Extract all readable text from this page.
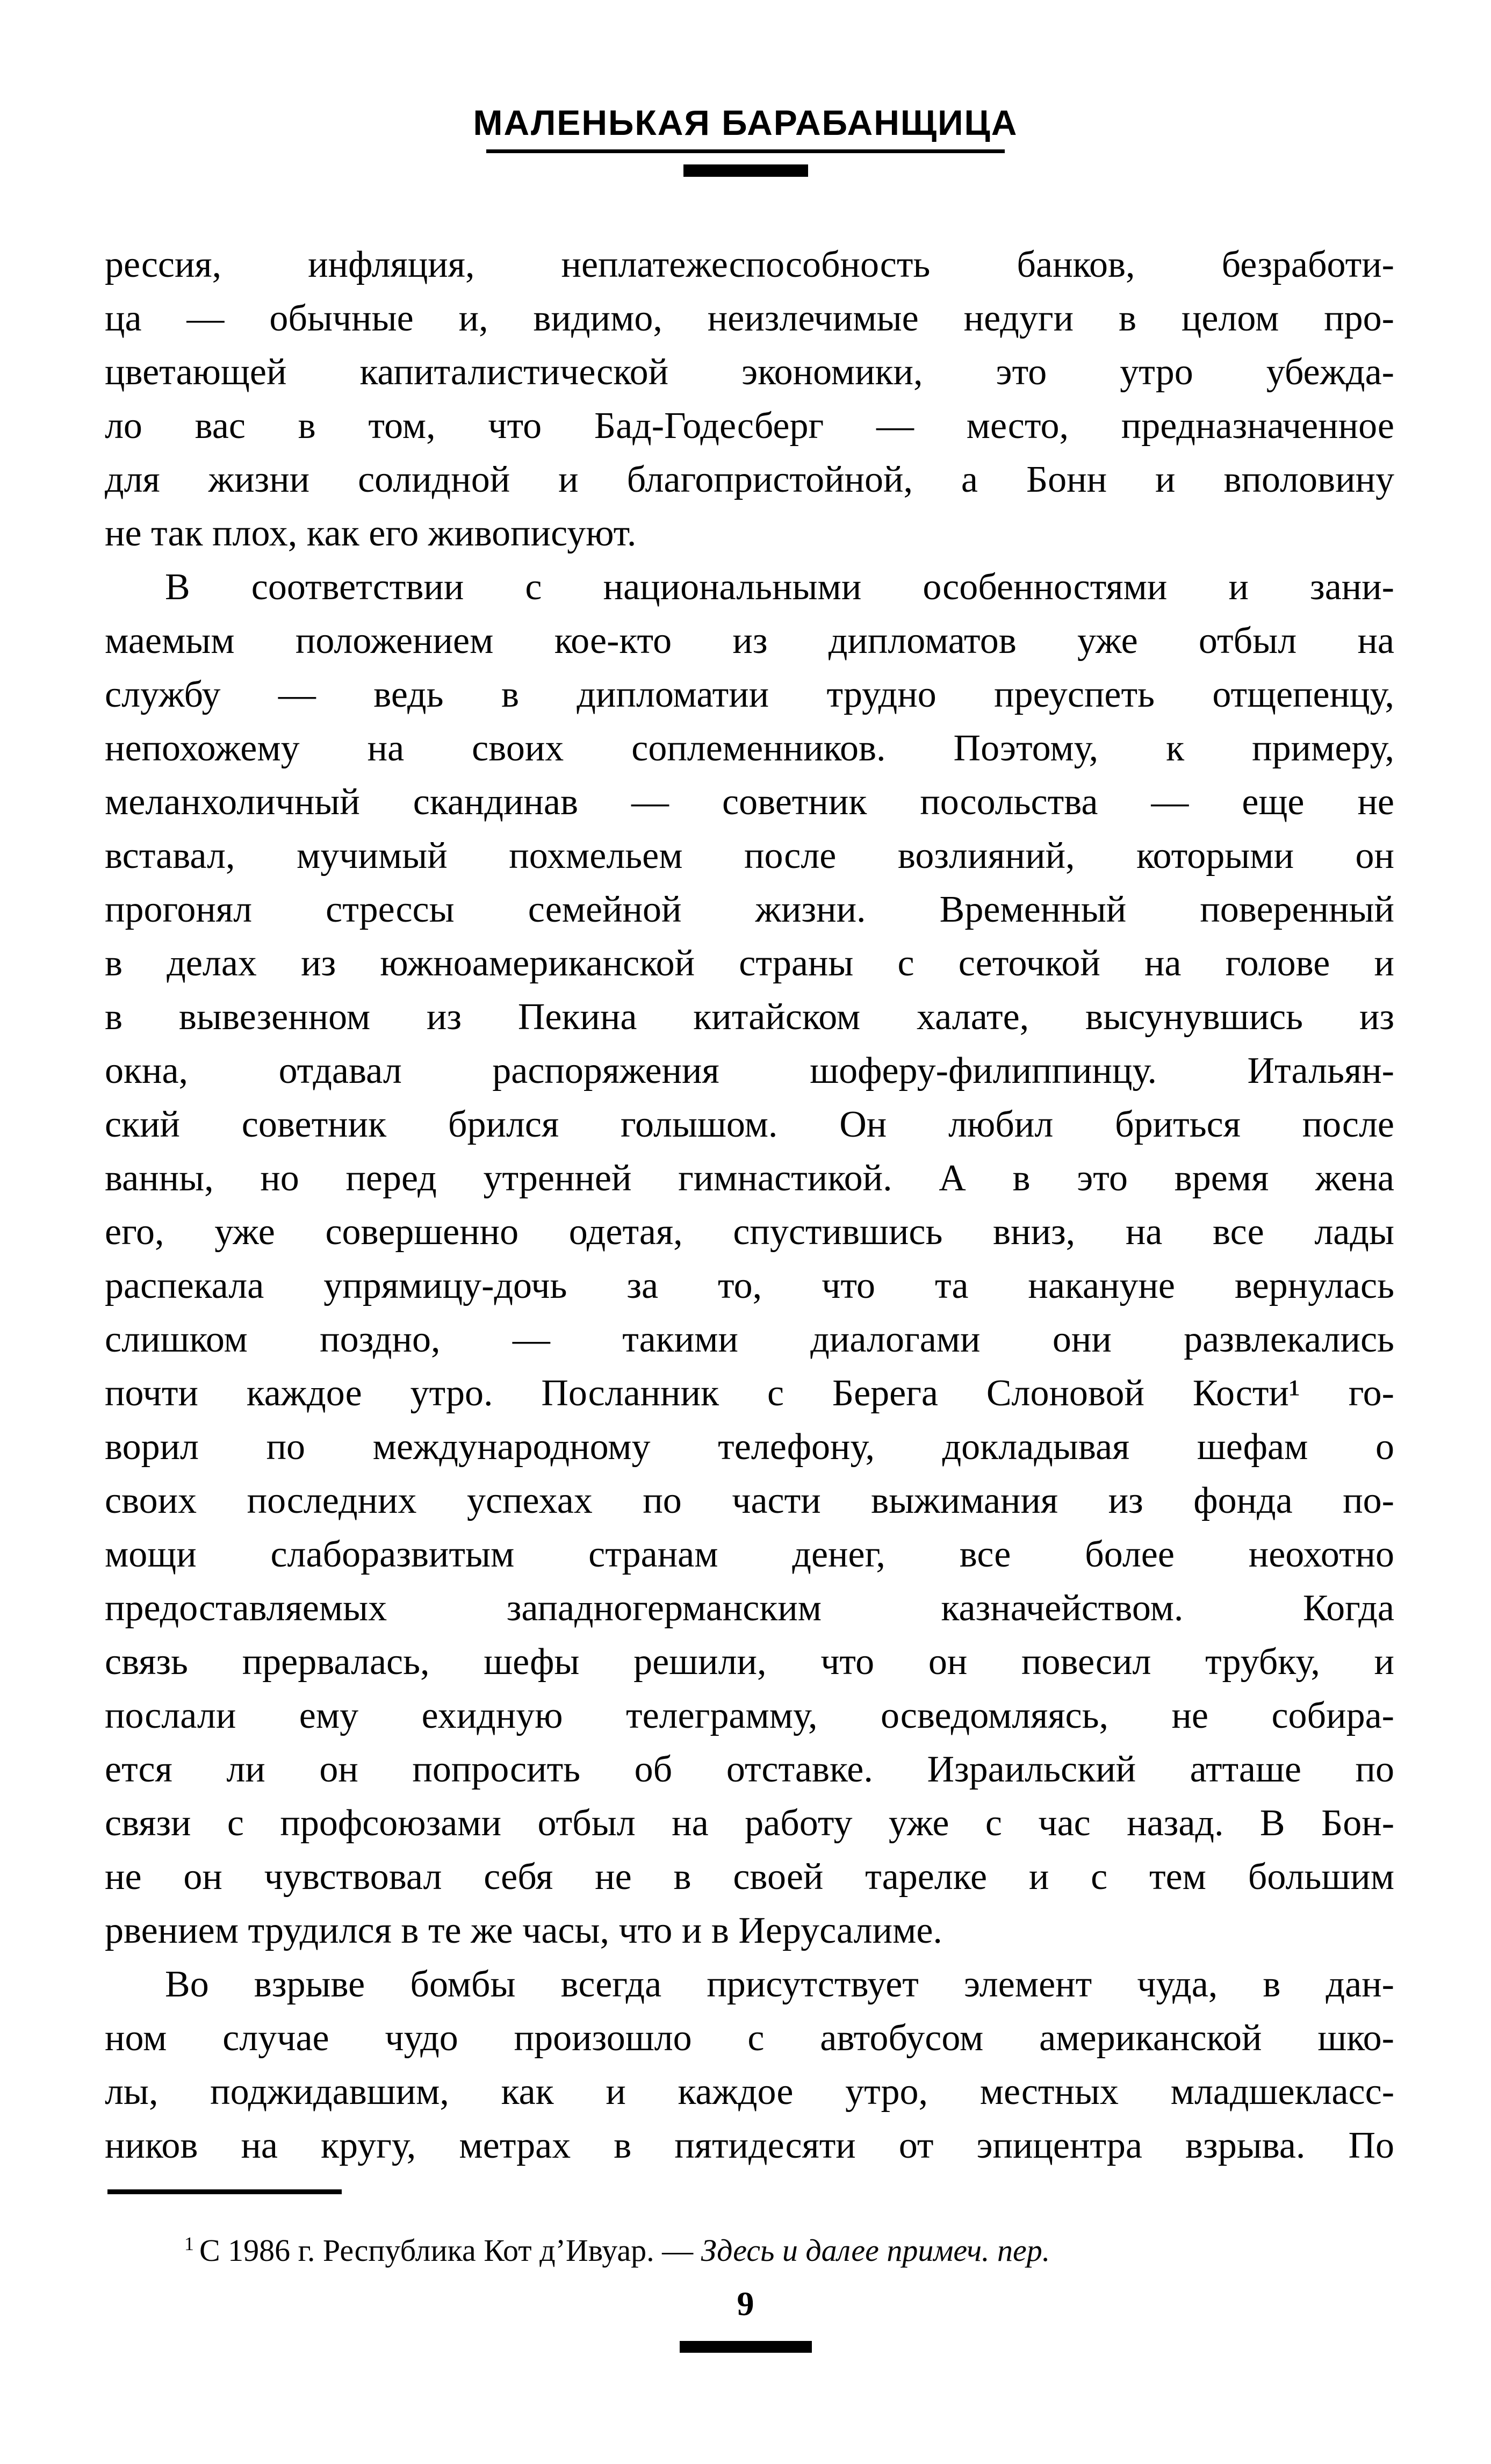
МАЛЕНЬКАЯ БАРАБАНЩИЦА
рессия, инфляция, неплатежеспособность банков, безработи-
ца — обычные и, видимо, неизлечимые недуги в целом про-
цветающей капиталистической экономики, это утро убежда-
ло вас в том, что Бад-Годесберг — место, предназначенное
для жизни солидной и благопристойной, а Бонн и вполовину
не так плох, как его живописуют.
В соответствии с национальными особенностями и зани-
маемым положением кое-кто из дипломатов уже отбыл на
службу — ведь в дипломатии трудно преуспеть отщепенцу,
непохожему на своих соплеменников. Поэтому, к примеру,
меланхоличный скандинав — советник посольства — еще не
вставал, мучимый похмельем после возлияний, которыми он
прогонял стрессы семейной жизни. Временный поверенный
в делах из южноамериканской страны с сеточкой на голове и
в вывезенном из Пекина китайском халате, высунувшись из
окна, отдавал распоряжения шоферу-филиппинцу. Итальян-
ский советник брился голышом. Он любил бриться после
ванны, но перед утренней гимнастикой. А в это время жена
его, уже совершенно одетая, спустившись вниз, на все лады
распекала упрямицу-дочь за то, что та накануне вернулась
слишком поздно, — такими диалогами они развлекались
почти каждое утро. Посланник с Берега Слоновой Кости¹ го-
ворил по международному телефону, докладывая шефам о
своих последних успехах по части выжимания из фонда по-
мощи слаборазвитым странам денег, все более неохотно
предоставляемых западногерманским казначейством. Когда
связь прервалась, шефы решили, что он повесил трубку, и
послали ему ехидную телеграмму, осведомляясь, не собира-
ется ли он попросить об отставке. Израильский атташе по
связи с профсоюзами отбыл на работу уже с час назад. В Бон-
не он чувствовал себя не в своей тарелке и с тем большим
рвением трудился в те же часы, что и в Иерусалиме.
Во взрыве бомбы всегда присутствует элемент чуда, в дан-
ном случае чудо произошло с автобусом американской шко-
лы, поджидавшим, как и каждое утро, местных младшекласс-
ников на кругу, метрах в пятидесяти от эпицентра взрыва. По
$^1$ С 1986 г. Республика Кот д’Ивуар. — Здесь и далее примеч. пер.
9
